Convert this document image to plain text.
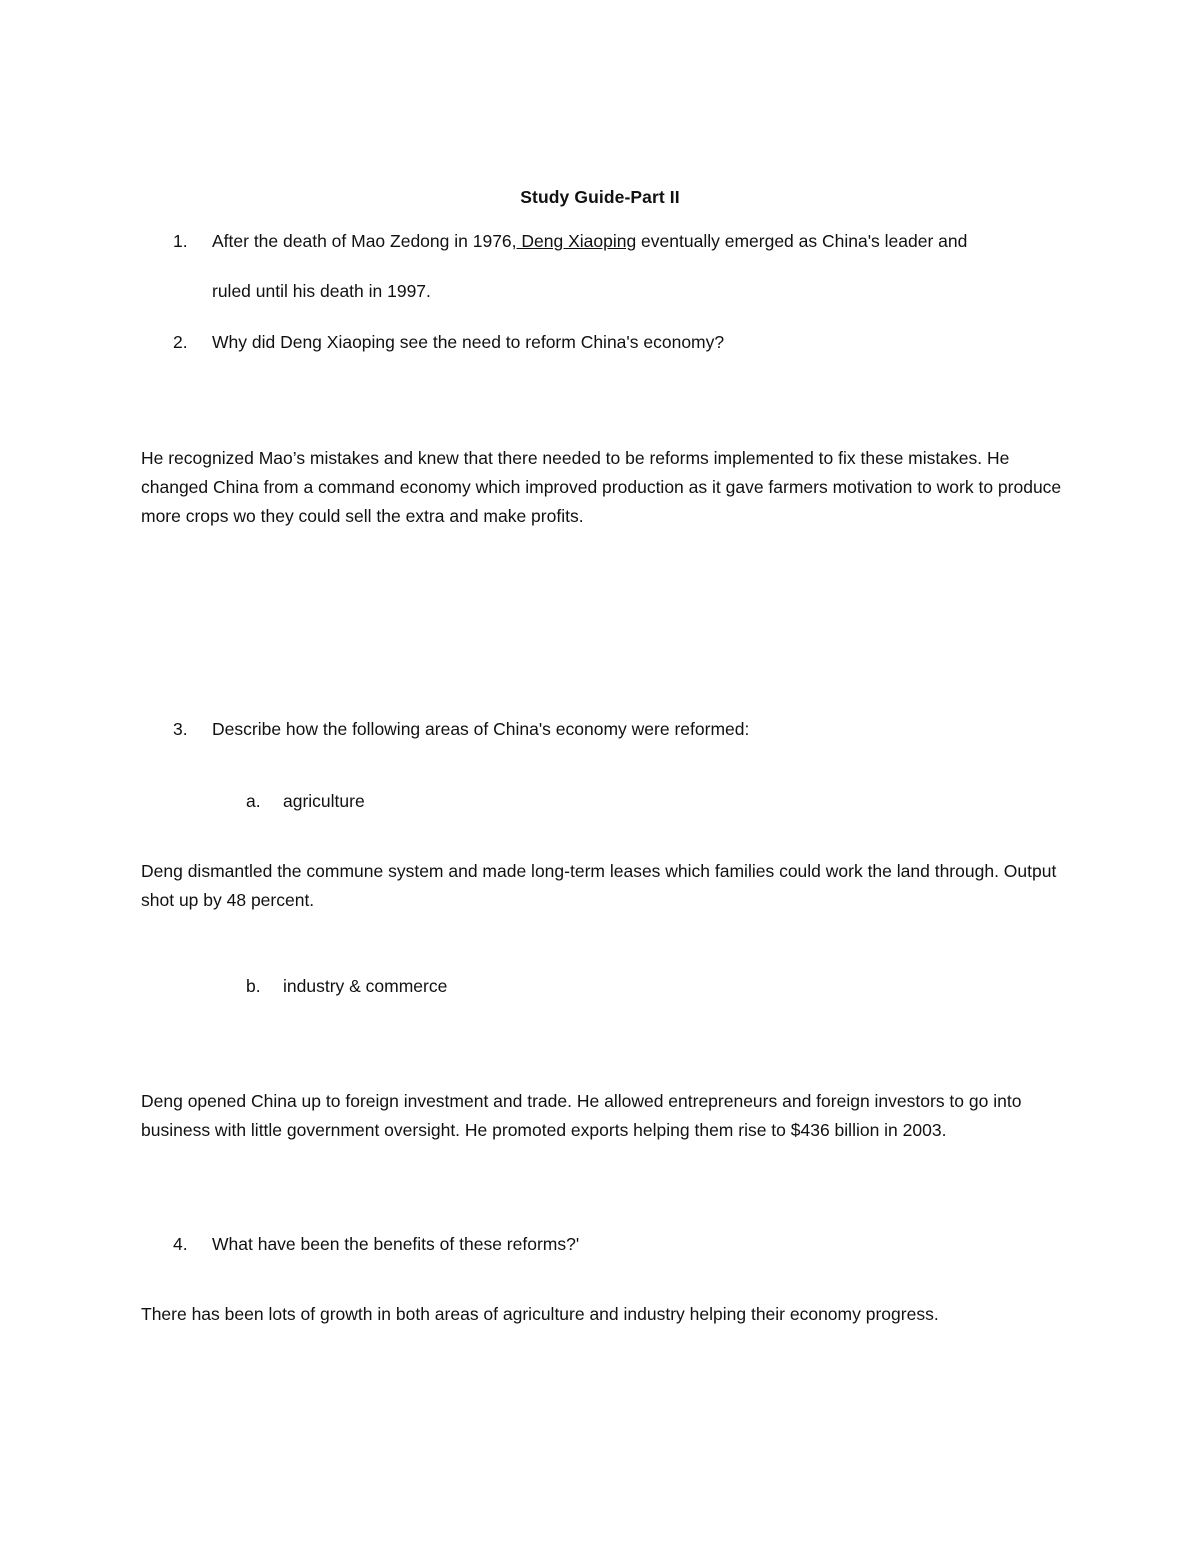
Study Guide-Part II
1. After the death of Mao Zedong in 1976, Deng Xiaoping eventually emerged as China's leader and
ruled until his death in 1997.
2. Why did Deng Xiaoping see the need to reform China's economy?
He recognized Mao’s mistakes and knew that there needed to be reforms implemented to fix these mistakes. He changed China from a command economy which improved production as it gave farmers motivation to work to produce more crops wo they could sell the extra and make profits.
3. Describe how the following areas of China's economy were reformed:
a. agriculture
Deng dismantled the commune system and made long-term leases which families could work the land through. Output shot up by 48 percent.
b. industry & commerce
Deng opened China up to foreign investment and trade. He allowed entrepreneurs and foreign investors to go into business with little government oversight. He promoted exports helping them rise to $436 billion in 2003.
4. What have been the benefits of these reforms?'
There has been lots of growth in both areas of agriculture and industry helping their economy progress.
